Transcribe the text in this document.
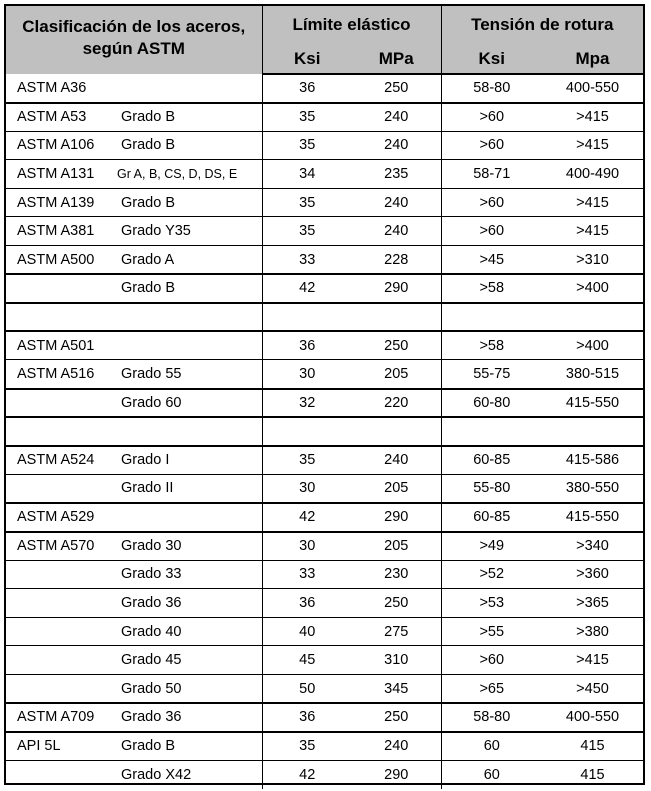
Clasificación de los aceros, según ASTM		Límite elástico		Tensión de rotura	
		Ksi	MPa	Ksi	Mpa
ASTM A36		36	250	58-80	400-550
ASTM A53	Grado B	35	240	>60	>415
ASTM A106	Grado B	35	240	>60	>415
ASTM A131	Gr A, B, CS, D, DS, E	34	235	58-71	400-490
ASTM A139	Grado B	35	240	>60	>415
ASTM A381	Grado Y35	35	240	>60	>415
ASTM A500	Grado A	33	228	>45	>310
	Grado B	42	290	>58	>400

ASTM A501		36	250	>58	>400
ASTM A516	Grado 55	30	205	55-75	380-515
	Grado 60	32	220	60-80	415-550

ASTM A524	Grado I	35	240	60-85	415-586
	Grado II	30	205	55-80	380-550
ASTM A529		42	290	60-85	415-550
ASTM A570	Grado 30	30	205	>49	>340
	Grado 33	33	230	>52	>360
	Grado 36	36	250	>53	>365
	Grado 40	40	275	>55	>380
	Grado 45	45	310	>60	>415
	Grado 50	50	345	>65	>450
ASTM A709	Grado 36	36	250	58-80	400-550
API 5L	Grado B	35	240	60	415
	Grado X42	42	290	60	415
